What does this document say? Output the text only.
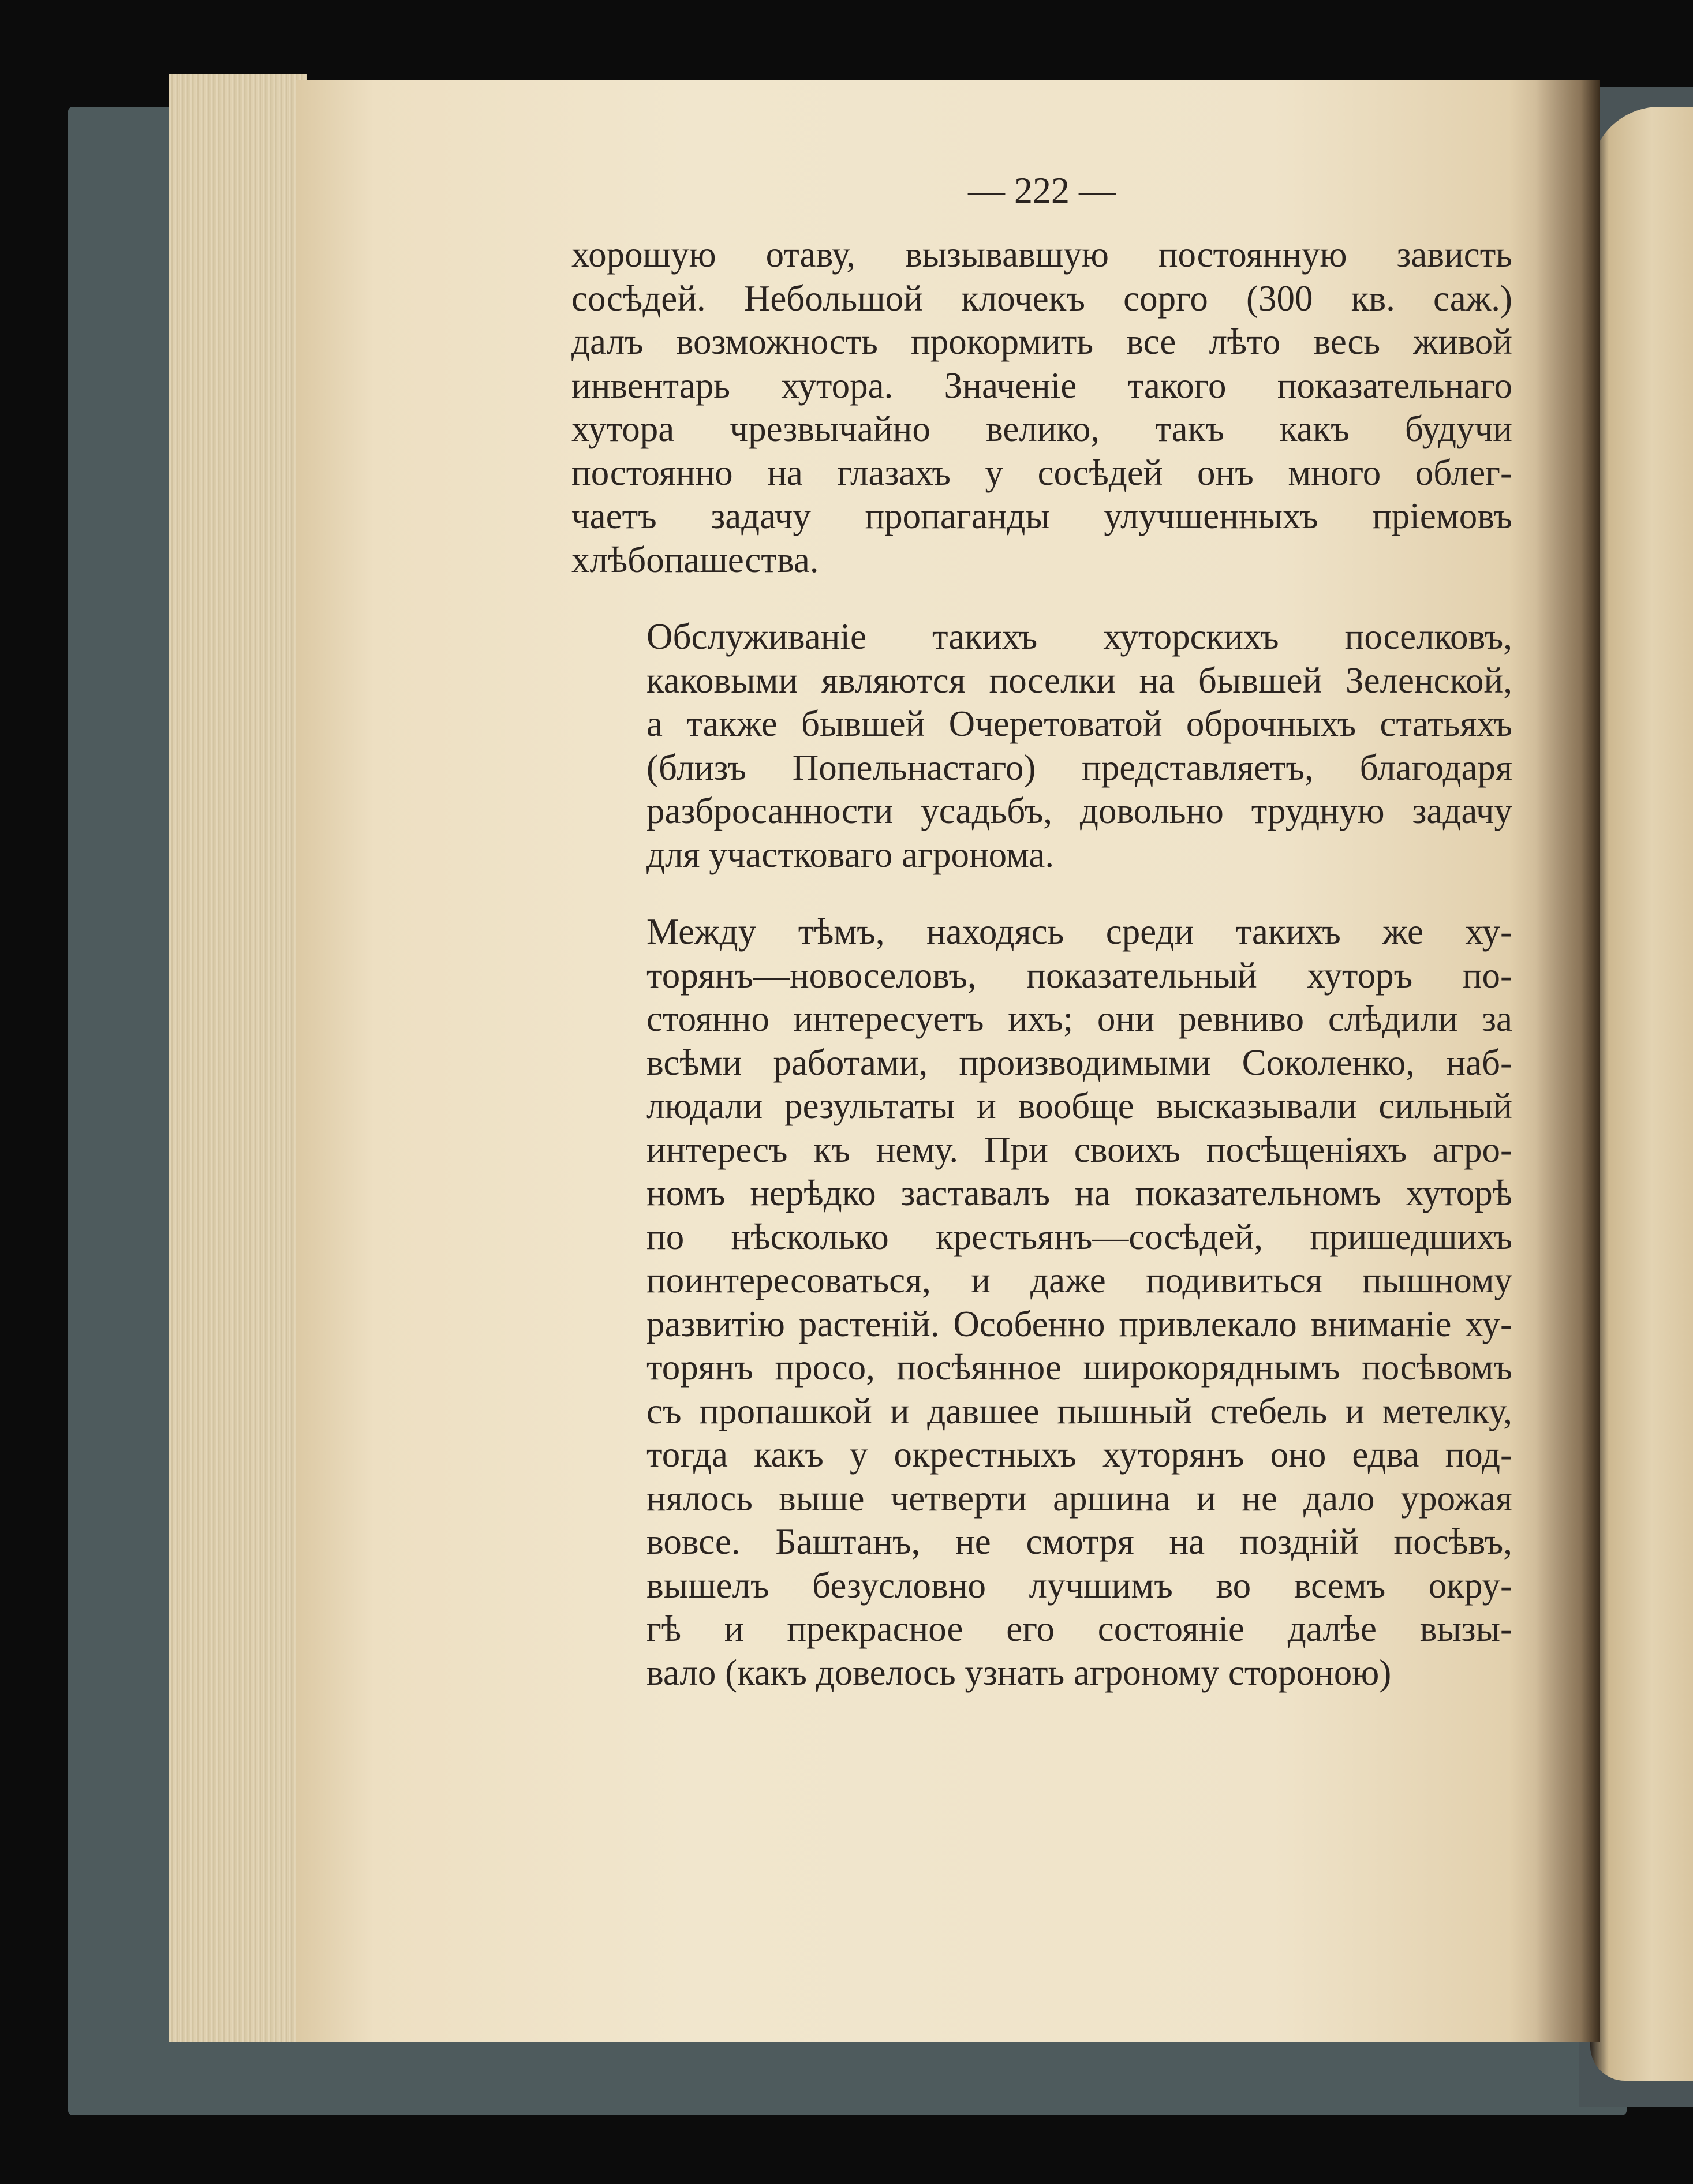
— 222 —

хорошую отаву, вызывавшую постоянную зависть
сосѣдей. Небольшой клочекъ сорго (300 кв. саж.)
далъ возможность прокормить все лѣто весь живой
инвентарь хутора. Значеніе такого показательнаго
хутора чрезвычайно велико, такъ какъ будучи
постоянно на глазахъ у сосѣдей онъ много облег-
чаетъ задачу пропаганды улучшенныхъ пріемовъ
хлѣбопашества.

Обслуживаніе такихъ хуторскихъ поселковъ,
каковыми являются поселки на бывшей Зеленской,
а также бывшей Очеретоватой оброчныхъ статьяхъ
(близъ Попельнастаго) представляетъ, благодаря
разбросанности усадьбъ, довольно трудную задачу
для участковаго агронома.

Между тѣмъ, находясь среди такихъ же ху-
торянъ—новоселовъ, показательный хуторъ по-
стоянно интересуетъ ихъ; они ревниво слѣдили за
всѣми работами, производимыми Соколенко, наб-
людали результаты и вообще высказывали сильный
интересъ къ нему. При своихъ посѣщеніяхъ агро-
номъ нерѣдко заставалъ на показательномъ хуторѣ
по нѣсколько крестьянъ—сосѣдей, пришедшихъ
поинтересоваться, и даже подивиться пышному
развитію растеній. Особенно привлекало вниманіе ху-
торянъ просо, посѣянное широкоряднымъ посѣвомъ
съ пропашкой и давшее пышный стебель и метелку,
тогда какъ у окрестныхъ хуторянъ оно едва под-
нялось выше четверти аршина и не дало урожая
вовсе. Баштанъ, не смотря на поздній посѣвъ,
вышелъ безусловно лучшимъ во всемъ окру-
гѣ и прекрасное его состояніе далѣе вызы-
вало (какъ довелось узнать агроному стороною)
